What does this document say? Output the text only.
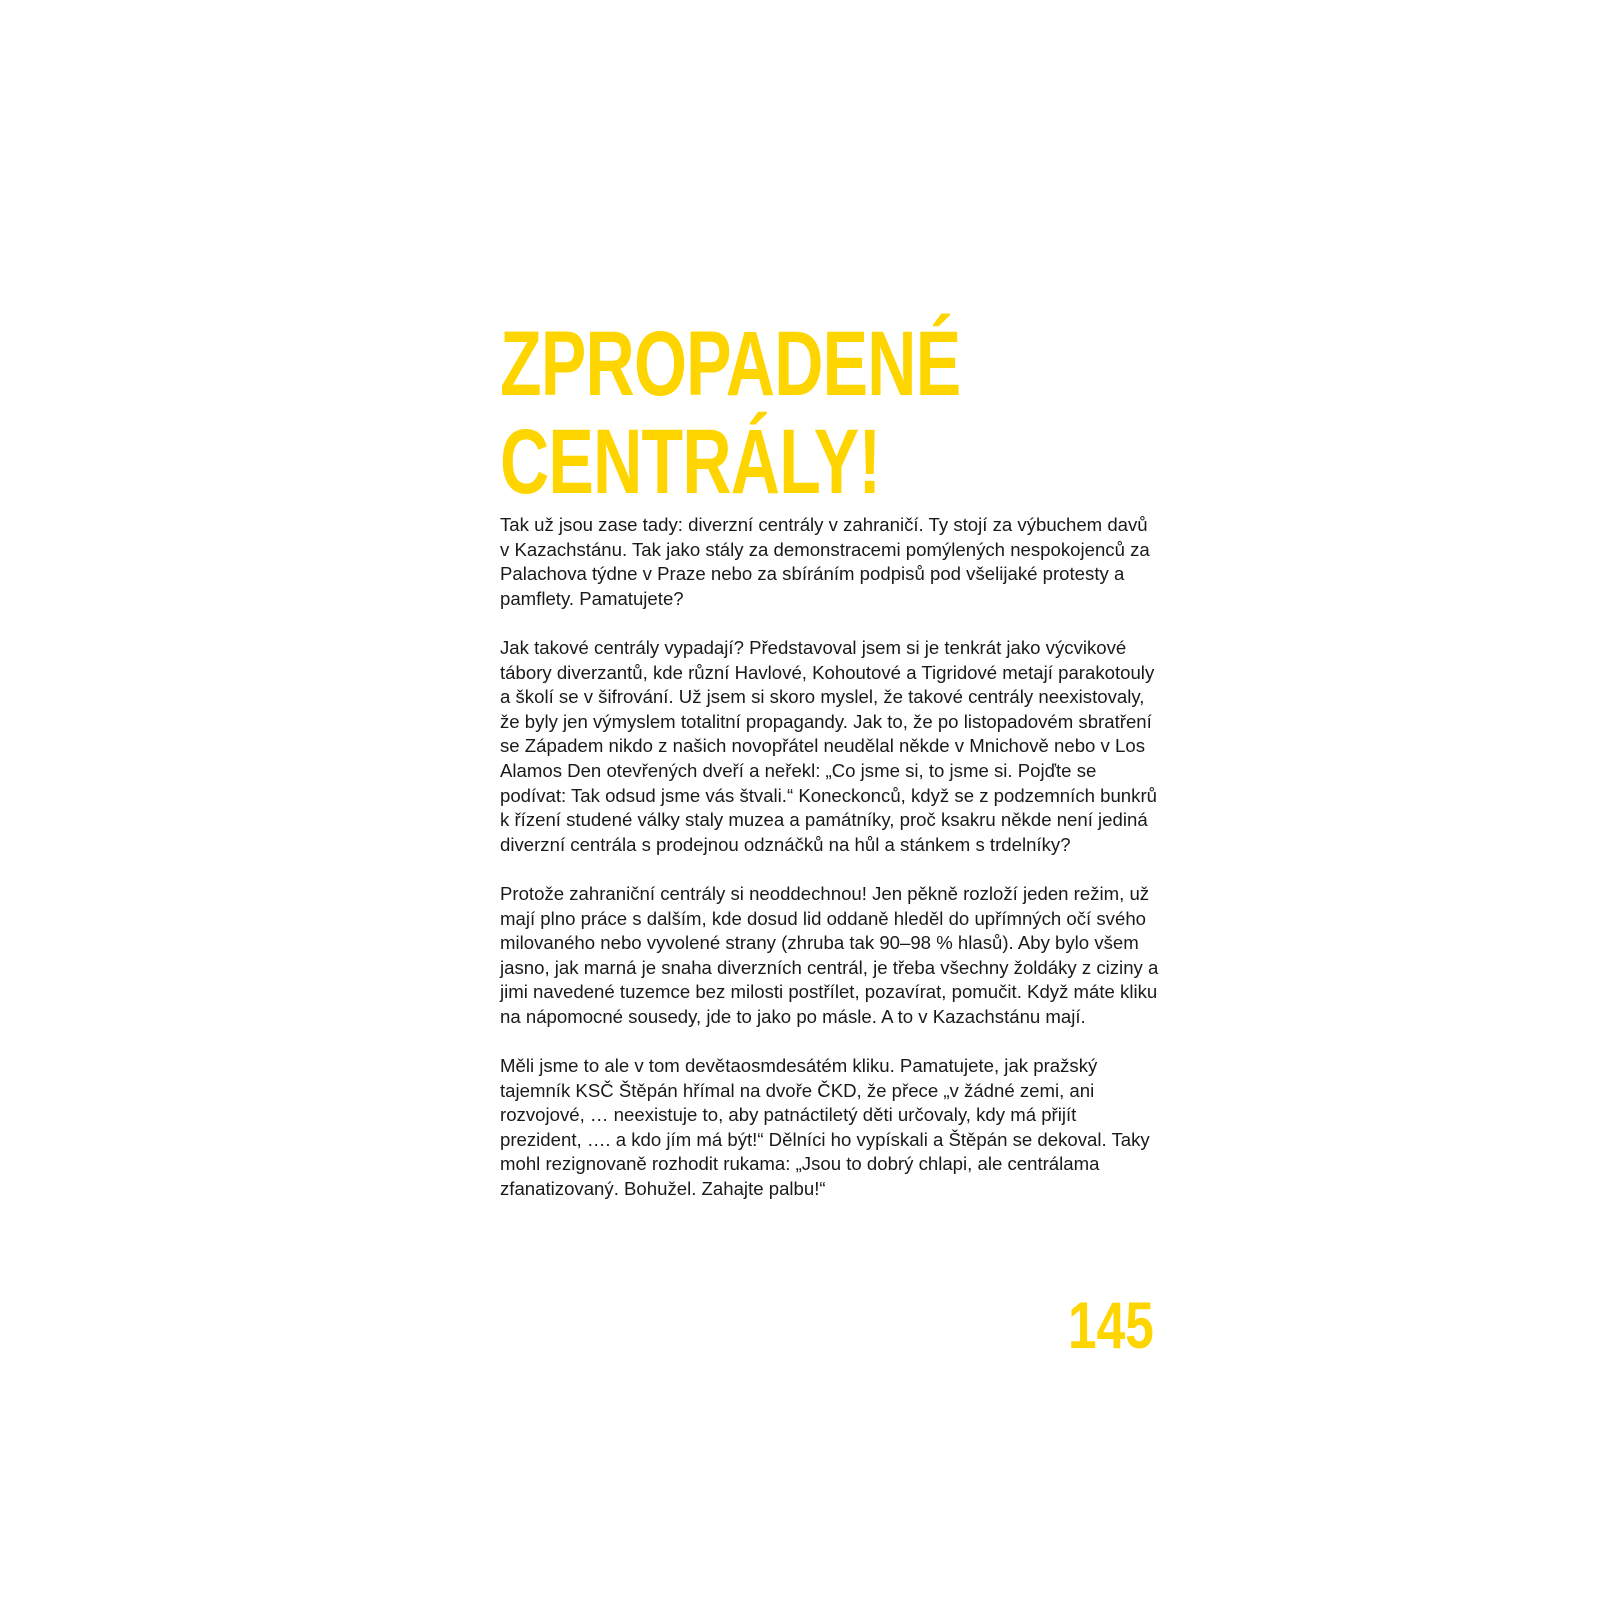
ZPROPADENÉ
CENTRÁLY!

Tak už jsou zase tady: diverzní centrály v zahraničí. Ty stojí za výbuchem davů v Kazachstánu. Tak jako stály za demonstracemi pomýlených nespokojenců za Palachova týdne v Praze nebo za sbíráním podpisů pod všelijaké protesty a pamflety. Pamatujete?

Jak takové centrály vypadají? Představoval jsem si je tenkrát jako výcvikové tábory diverzantů, kde různí Havlové, Kohoutové a Tigridové metají parakotouly a školí se v šifrování. Už jsem si skoro myslel, že takové centrály neexistovaly, že byly jen výmyslem totalitní propagandy. Jak to, že po listopadovém sbratření se Západem nikdo z našich novopřátel neudělal někde v Mnichově nebo v Los Alamos Den otevřených dveří a neřekl: „Co jsme si, to jsme si. Pojďte se podívat: Tak odsud jsme vás štvali.“ Koneckonců, když se z podzemních bunkrů k řízení studené války staly muzea a památníky, proč ksakru někde není jediná diverzní centrála s prodejnou odznáčků na hůl a stánkem s trdelníky?

Protože zahraniční centrály si neoddechnou! Jen pěkně rozloží jeden režim, už mají plno práce s dalším, kde dosud lid oddaně hleděl do upřímných očí svého milovaného nebo vyvolené strany (zhruba tak 90–98 % hlasů). Aby bylo všem jasno, jak marná je snaha diverzních centrál, je třeba všechny žoldáky z ciziny a jimi navedené tuzemce bez milosti postřílet, pozavírat, pomučit. Když máte kliku na nápomocné sousedy, jde to jako po másle. A to v Kazachstánu mají.

Měli jsme to ale v tom devětaosmdesátém kliku. Pamatujete, jak pražský tajemník KSČ Štěpán hřímal na dvoře ČKD, že přece „v žádné zemi, ani rozvojové, … neexistuje to, aby patnáctiletý děti určovaly, kdy má přijít prezident, …. a kdo jím má být!“ Dělníci ho vypískali a Štěpán se dekoval. Taky mohl rezignovaně rozhodit rukama: „Jsou to dobrý chlapi, ale centrálama zfanatizovaný. Bohužel. Zahajte palbu!“

145
